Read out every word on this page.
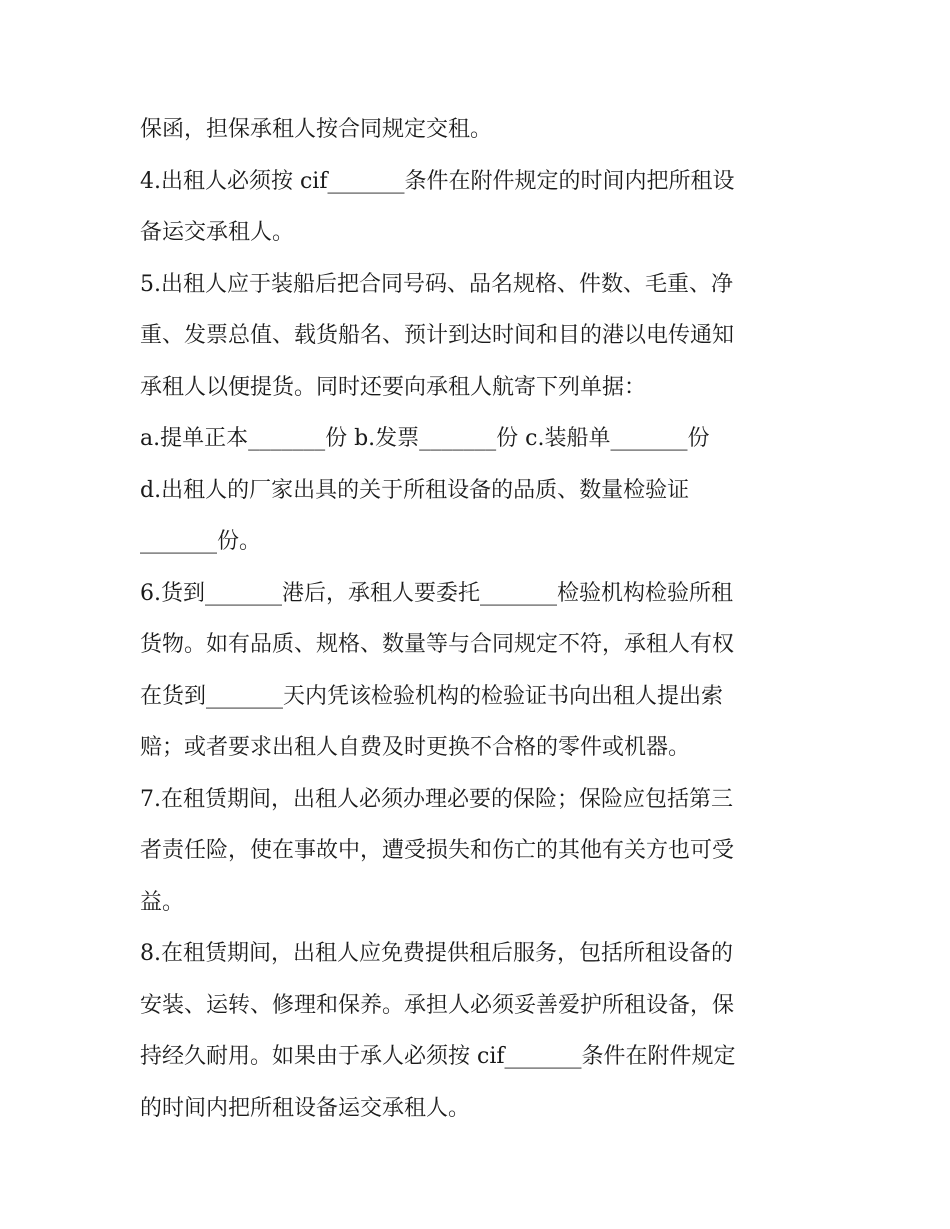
保函，担保承租人按合同规定交租。
4.出租人必须按 cif_______条件在附件规定的时间内把所租设
备运交承租人。
5.出租人应于装船后把合同号码、品名规格、件数、毛重、净
重、发票总值、载货船名、预计到达时间和目的港以电传通知
承租人以便提货。同时还要向承租人航寄下列单据：
a.提单正本_______份 b.发票_______份 c.装船单_______份
d.出租人的厂家出具的关于所租设备的品质、数量检验证
_______份。
6.货到_______港后，承租人要委托_______检验机构检验所租
货物。如有品质、规格、数量等与合同规定不符，承租人有权
在货到_______天内凭该检验机构的检验证书向出租人提出索
赔；或者要求出租人自费及时更换不合格的零件或机器。
7.在租赁期间，出租人必须办理必要的保险；保险应包括第三
者责任险，使在事故中，遭受损失和伤亡的其他有关方也可受
益。
8.在租赁期间，出租人应免费提供租后服务，包括所租设备的
安装、运转、修理和保养。承担人必须妥善爱护所租设备，保
持经久耐用。如果由于承人必须按 cif_______条件在附件规定
的时间内把所租设备运交承租人。
